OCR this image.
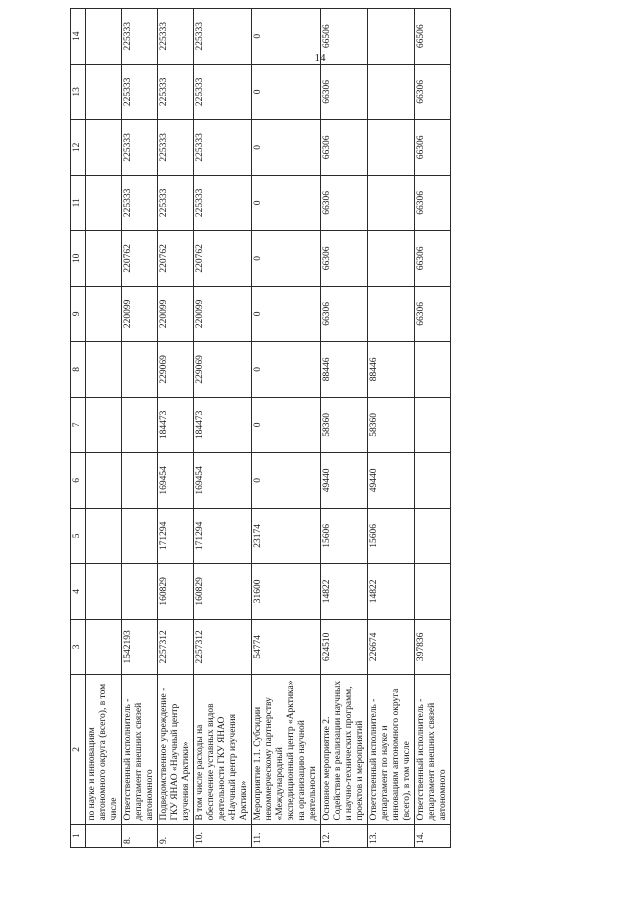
14
1	2	3	4	5	6	7	8	9	10	11	12	13	14
	по науке и инновациям автономного округа (всего), в том числе												
8.	Ответственный исполнитель - департамент внешних связей автономного	1542193						220099	220762	225333	225333	225333	225333
9.	Подведомственное учреждение - ГКУ ЯНАО «Научный центр изучения Арктики»	2257312	160829	171294	169454	184473	229069	220099	220762	225333	225333	225333	225333
10.	В том числе расходы на обеспечение уставных видов деятельности ГКУ ЯНАО «Научный центр изучения Арктики»	2257312	160829	171294	169454	184473	229069	220099	220762	225333	225333	225333	225333
11.	Мероприятие 1.1. Субсидии некоммерческому партнерству «Международный экспедиционный центр «Арктика» на организацию научной деятельности	54774	31600	23174	0	0	0	0	0	0	0	0	0
12.	Основное мероприятие 2. Содействие в реализации научных и научно-технических программ, проектов и мероприятий	624510	14822	15606	49440	58360	88446	66306	66306	66306	66306	66306	66506
13.	Ответственный исполнитель - департамент по науке и инновациям автономного округа (всего), в том числе	226674	14822	15606	49440	58360	88446						
14.	Ответственный исполнитель - департамент внешних связей автономного	397836						66306	66306	66306	66306	66306	66506
